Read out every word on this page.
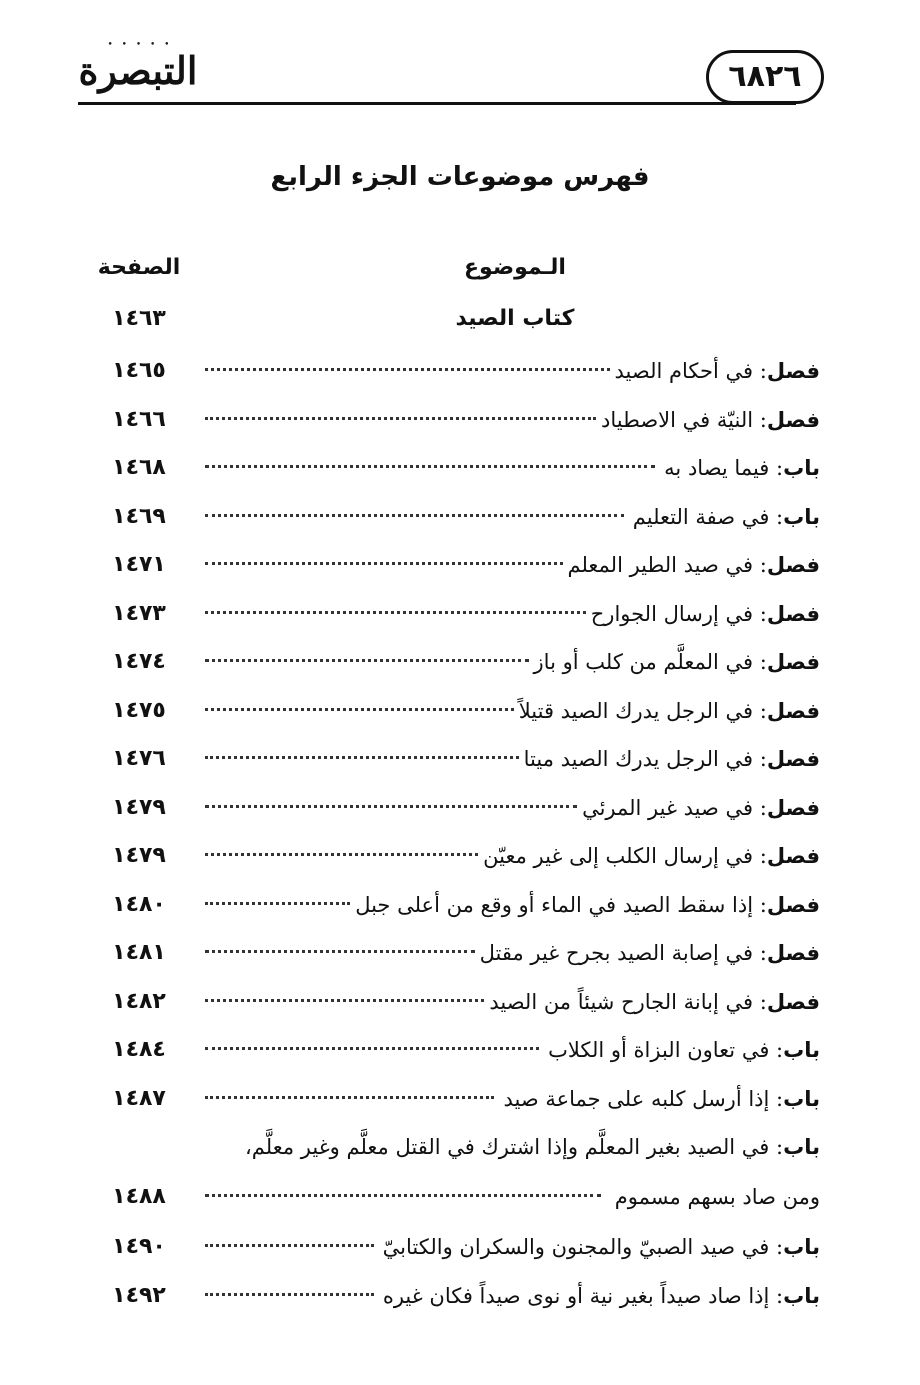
• • • • •
التبصرة	٦٨٢٦
فهرس موضوعات الجزء الرابع
الـموضوع
الصفحة
كتاب الصيد
١٤٦٣
فصل: في أحكام الصيد
١٤٦٥
فصل: النيّة في الاصطياد
١٤٦٦
باب: فيما يصاد به
١٤٦٨
باب: في صفة التعليم
١٤٦٩
فصل: في صيد الطير المعلم
١٤٧١
فصل: في إرسال الجوارح
١٤٧٣
فصل: في المعلَّم من كلب أو باز
١٤٧٤
فصل: في الرجل يدرك الصيد قتيلاً
١٤٧٥
فصل: في الرجل يدرك الصيد ميتا
١٤٧٦
فصل: في صيد غير المرئي
١٤٧٩
فصل: في إرسال الكلب إلى غير معيّن
١٤٧٩
فصل: إذا سقط الصيد في الماء أو وقع من أعلى جبل
١٤٨٠
فصل: في إصابة الصيد بجرح غير مقتل
١٤٨١
فصل: في إبانة الجارح شيئاً من الصيد
١٤٨٢
باب: في تعاون البزاة أو الكلاب
١٤٨٤
باب: إذا أرسل كلبه على جماعة صيد
١٤٨٧
باب: في الصيد بغير المعلَّم وإذا اشترك في القتل معلَّم وغير معلَّم،
ومن صاد بسهم مسموم
١٤٨٨
باب: في صيد الصبيّ والمجنون والسكران والكتابيّ
١٤٩٠
باب: إذا صاد صيداً بغير نية أو نوى صيداً فكان غيره
١٤٩٢
